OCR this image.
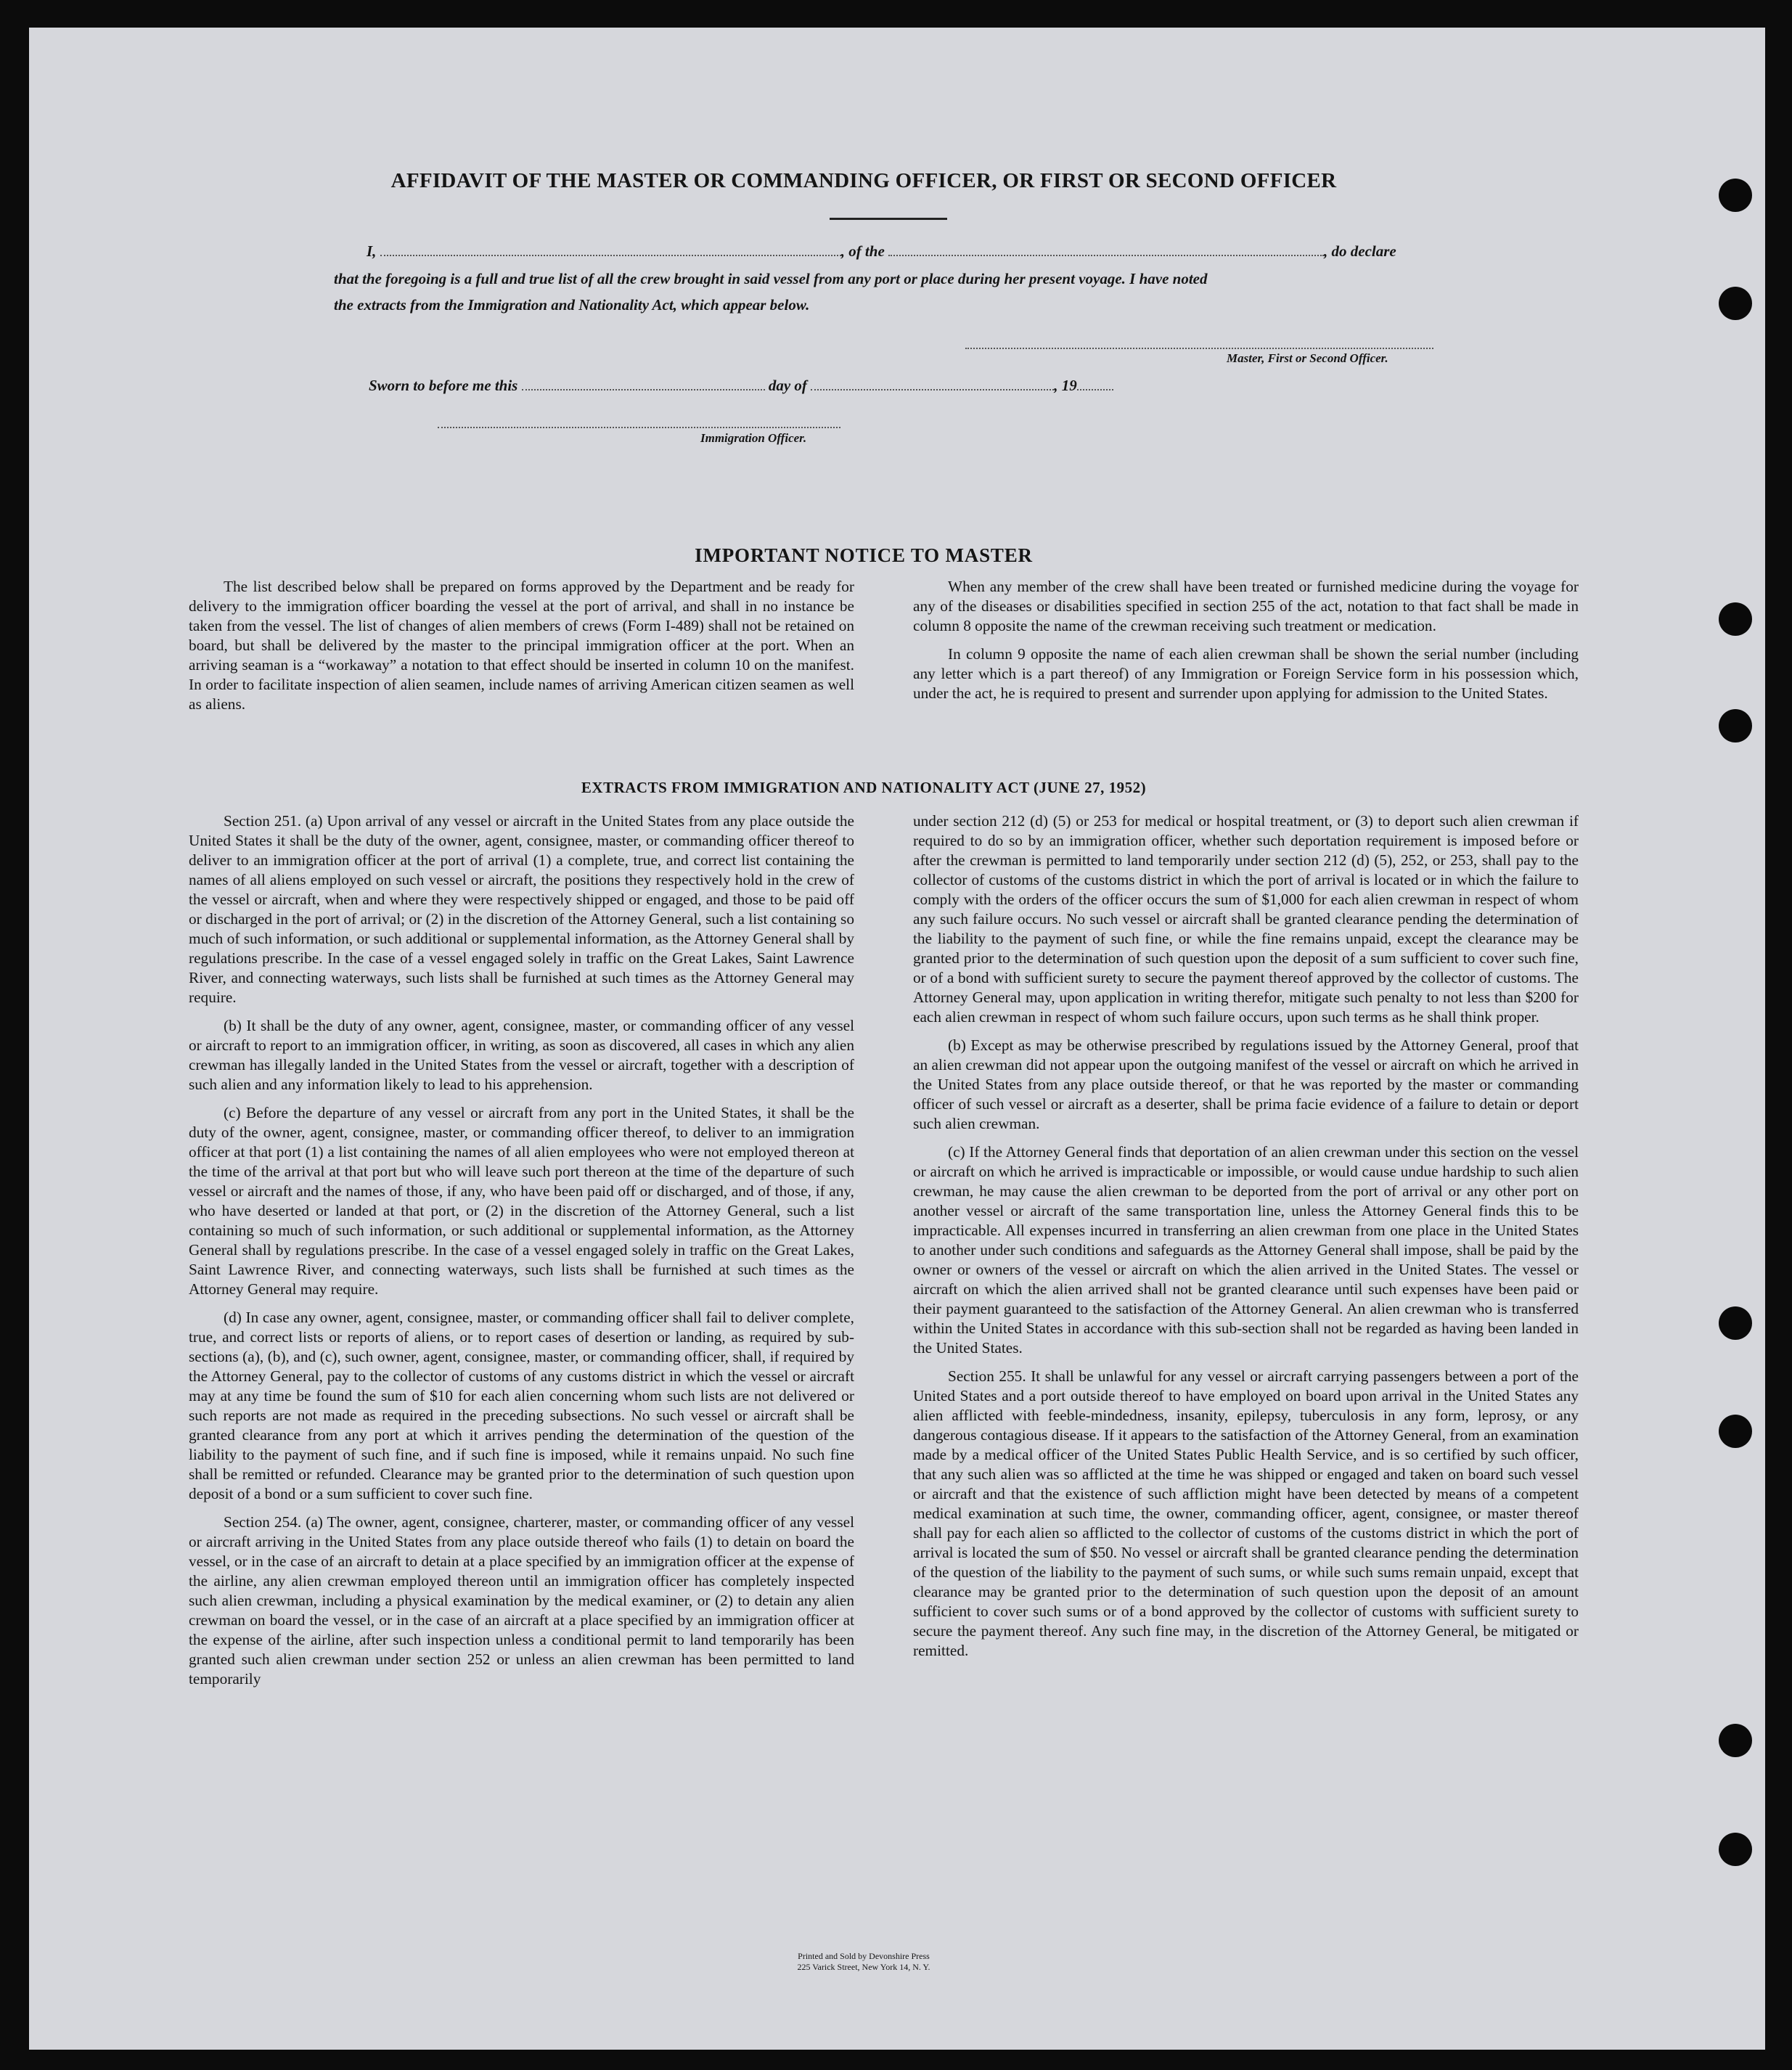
AFFIDAVIT OF THE MASTER OR COMMANDING OFFICER, OR FIRST OR SECOND OFFICER
I,	, of the	, do declare
that the foregoing is a full and true list of all the crew brought in said vessel from any port or place during her present voyage. I have noted
the extracts from the Immigration and Nationality Act, which appear below.
Master, First or Second Officer.
Sworn to before me this	day of	, 19
Immigration Officer.
IMPORTANT NOTICE TO MASTER

The list described below shall be prepared on forms approved by the Department and be ready for delivery to the immigration officer boarding the vessel at the port of arrival, and shall in no instance be taken from the vessel. The list of changes of alien members of crews (Form I-489) shall not be retained on board, but shall be delivered by the master to the principal immigration officer at the port. When an arriving seaman is a “workaway” a notation to that effect should be inserted in column 10 on the manifest. In order to facilitate inspection of alien seamen, include names of arriving American citizen seamen as well as aliens.

When any member of the crew shall have been treated or furnished medicine during the voyage for any of the diseases or disabilities specified in section 255 of the act, notation to that fact shall be made in column 8 opposite the name of the crewman receiving such treatment or medication.

In column 9 opposite the name of each alien crewman shall be shown the serial number (including any letter which is a part thereof) of any Immigration or Foreign Service form in his possession which, under the act, he is required to present and surrender upon applying for admission to the United States.

EXTRACTS FROM IMMIGRATION AND NATIONALITY ACT (JUNE 27, 1952)

Section 251. (a) Upon arrival of any vessel or aircraft in the United States from any place outside the United States it shall be the duty of the owner, agent, consignee, master, or commanding officer thereof to deliver to an immigration officer at the port of arrival (1) a complete, true, and correct list containing the names of all aliens employed on such vessel or aircraft, the positions they respectively hold in the crew of the vessel or aircraft, when and where they were respectively shipped or engaged, and those to be paid off or discharged in the port of arrival; or (2) in the discretion of the Attorney General, such a list containing so much of such information, or such additional or supplemental information, as the Attorney General shall by regulations prescribe. In the case of a vessel engaged solely in traffic on the Great Lakes, Saint Lawrence River, and connecting waterways, such lists shall be furnished at such times as the Attorney General may require.

(b) It shall be the duty of any owner, agent, consignee, master, or commanding officer of any vessel or aircraft to report to an immigration officer, in writing, as soon as discovered, all cases in which any alien crewman has illegally landed in the United States from the vessel or aircraft, together with a description of such alien and any information likely to lead to his apprehension.

(c) Before the departure of any vessel or aircraft from any port in the United States, it shall be the duty of the owner, agent, consignee, master, or commanding officer thereof, to deliver to an immigration officer at that port (1) a list containing the names of all alien employees who were not employed thereon at the time of the arrival at that port but who will leave such port thereon at the time of the departure of such vessel or aircraft and the names of those, if any, who have been paid off or discharged, and of those, if any, who have deserted or landed at that port, or (2) in the discretion of the Attorney General, such a list containing so much of such information, or such additional or supplemental information, as the Attorney General shall by regulations prescribe. In the case of a vessel engaged solely in traffic on the Great Lakes, Saint Lawrence River, and connecting waterways, such lists shall be furnished at such times as the Attorney General may require.

(d) In case any owner, agent, consignee, master, or commanding officer shall fail to deliver complete, true, and correct lists or reports of aliens, or to report cases of desertion or landing, as required by sub-sections (a), (b), and (c), such owner, agent, consignee, master, or commanding officer, shall, if required by the Attorney General, pay to the collector of customs of any customs district in which the vessel or aircraft may at any time be found the sum of $10 for each alien concerning whom such lists are not delivered or such reports are not made as required in the preceding subsections. No such vessel or aircraft shall be granted clearance from any port at which it arrives pending the determination of the question of the liability to the payment of such fine, and if such fine is imposed, while it remains unpaid. No such fine shall be remitted or refunded. Clearance may be granted prior to the determination of such question upon deposit of a bond or a sum sufficient to cover such fine.

Section 254. (a) The owner, agent, consignee, charterer, master, or commanding officer of any vessel or aircraft arriving in the United States from any place outside thereof who fails (1) to detain on board the vessel, or in the case of an aircraft to detain at a place specified by an immigration officer at the expense of the airline, any alien crewman employed thereon until an immigration officer has completely inspected such alien crewman, including a physical examination by the medical examiner, or (2) to detain any alien crewman on board the vessel, or in the case of an aircraft at a place specified by an immigration officer at the expense of the airline, after such inspection unless a conditional permit to land temporarily has been granted such alien crewman under section 252 or unless an alien crewman has been permitted to land temporarily

under section 212 (d) (5) or 253 for medical or hospital treatment, or (3) to deport such alien crewman if required to do so by an immigration officer, whether such deportation requirement is imposed before or after the crewman is permitted to land temporarily under section 212 (d) (5), 252, or 253, shall pay to the collector of customs of the customs district in which the port of arrival is located or in which the failure to comply with the orders of the officer occurs the sum of $1,000 for each alien crewman in respect of whom any such failure occurs. No such vessel or aircraft shall be granted clearance pending the determination of the liability to the payment of such fine, or while the fine remains unpaid, except the clearance may be granted prior to the determination of such question upon the deposit of a sum sufficient to cover such fine, or of a bond with sufficient surety to secure the payment thereof approved by the collector of customs. The Attorney General may, upon application in writing therefor, mitigate such penalty to not less than $200 for each alien crewman in respect of whom such failure occurs, upon such terms as he shall think proper.

(b) Except as may be otherwise prescribed by regulations issued by the Attorney General, proof that an alien crewman did not appear upon the outgoing manifest of the vessel or aircraft on which he arrived in the United States from any place outside thereof, or that he was reported by the master or commanding officer of such vessel or aircraft as a deserter, shall be prima facie evidence of a failure to detain or deport such alien crewman.

(c) If the Attorney General finds that deportation of an alien crewman under this section on the vessel or aircraft on which he arrived is impracticable or impossible, or would cause undue hardship to such alien crewman, he may cause the alien crewman to be deported from the port of arrival or any other port on another vessel or aircraft of the same transportation line, unless the Attorney General finds this to be impracticable. All expenses incurred in transferring an alien crewman from one place in the United States to another under such conditions and safeguards as the Attorney General shall impose, shall be paid by the owner or owners of the vessel or aircraft on which the alien arrived in the United States. The vessel or aircraft on which the alien arrived shall not be granted clearance until such expenses have been paid or their payment guaranteed to the satisfaction of the Attorney General. An alien crewman who is transferred within the United States in accordance with this sub-section shall not be regarded as having been landed in the United States.

Section 255. It shall be unlawful for any vessel or aircraft carrying passengers between a port of the United States and a port outside thereof to have employed on board upon arrival in the United States any alien afflicted with feeble-mindedness, insanity, epilepsy, tuberculosis in any form, leprosy, or any dangerous contagious disease. If it appears to the satisfaction of the Attorney General, from an examination made by a medical officer of the United States Public Health Service, and is so certified by such officer, that any such alien was so afflicted at the time he was shipped or engaged and taken on board such vessel or aircraft and that the existence of such affliction might have been detected by means of a competent medical examination at such time, the owner, commanding officer, agent, consignee, or master thereof shall pay for each alien so afflicted to the collector of customs of the customs district in which the port of arrival is located the sum of $50. No vessel or aircraft shall be granted clearance pending the determination of the question of the liability to the payment of such sums, or while such sums remain unpaid, except that clearance may be granted prior to the determination of such question upon the deposit of an amount sufficient to cover such sums or of a bond approved by the collector of customs with sufficient surety to secure the payment thereof. Any such fine may, in the discretion of the Attorney General, be mitigated or remitted.

Printed and Sold by Devonshire Press
225 Varick Street, New York 14, N. Y.
